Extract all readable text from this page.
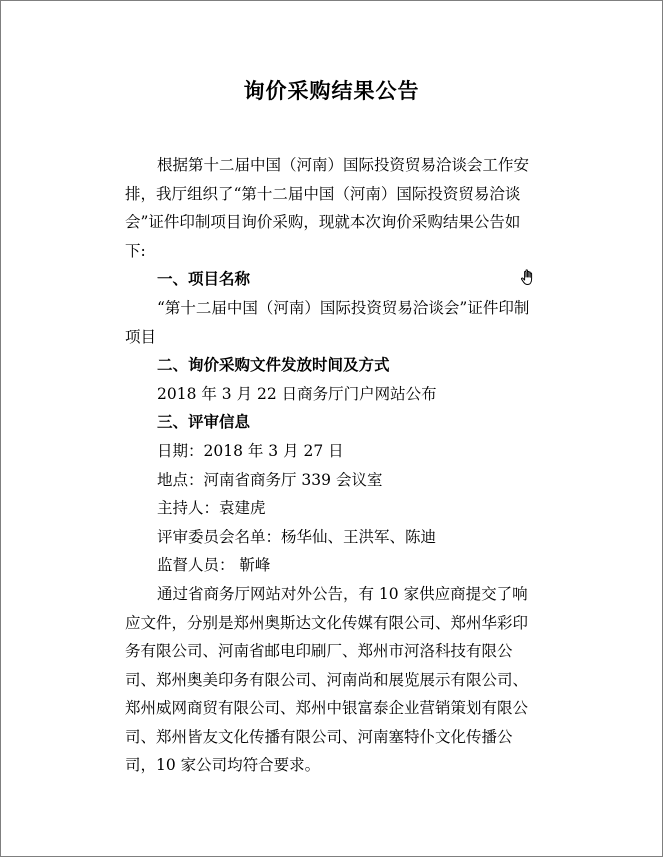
询价采购结果公告

根据第十二届中国（河南）国际投资贸易洽谈会工作安排，我厅组织了“第十二届中国（河南）国际投资贸易洽谈会”证件印制项目询价采购，现就本次询价采购结果公告如下:

一、项目名称

“第十二届中国（河南）国际投资贸易洽谈会”证件印制项目

二、询价采购文件发放时间及方式

2018 年 3 月 22 日商务厅门户网站公布

三、评审信息

日期：2018 年 3 月 27 日

地点：河南省商务厅 339 会议室

主持人：袁建虎

评审委员会名单：杨华仙、王洪军、陈迪

监督人员： 靳峰

通过省商务厅网站对外公告，有 10 家供应商提交了响应文件，分别是郑州奥斯达文化传媒有限公司、郑州华彩印务有限公司、河南省邮电印刷厂、郑州市河洛科技有限公司、郑州奥美印务有限公司、河南尚和展览展示有限公司、郑州威网商贸有限公司、郑州中银富泰企业营销策划有限公司、郑州皆友文化传播有限公司、河南塞特仆文化传播公司，10 家公司均符合要求。
